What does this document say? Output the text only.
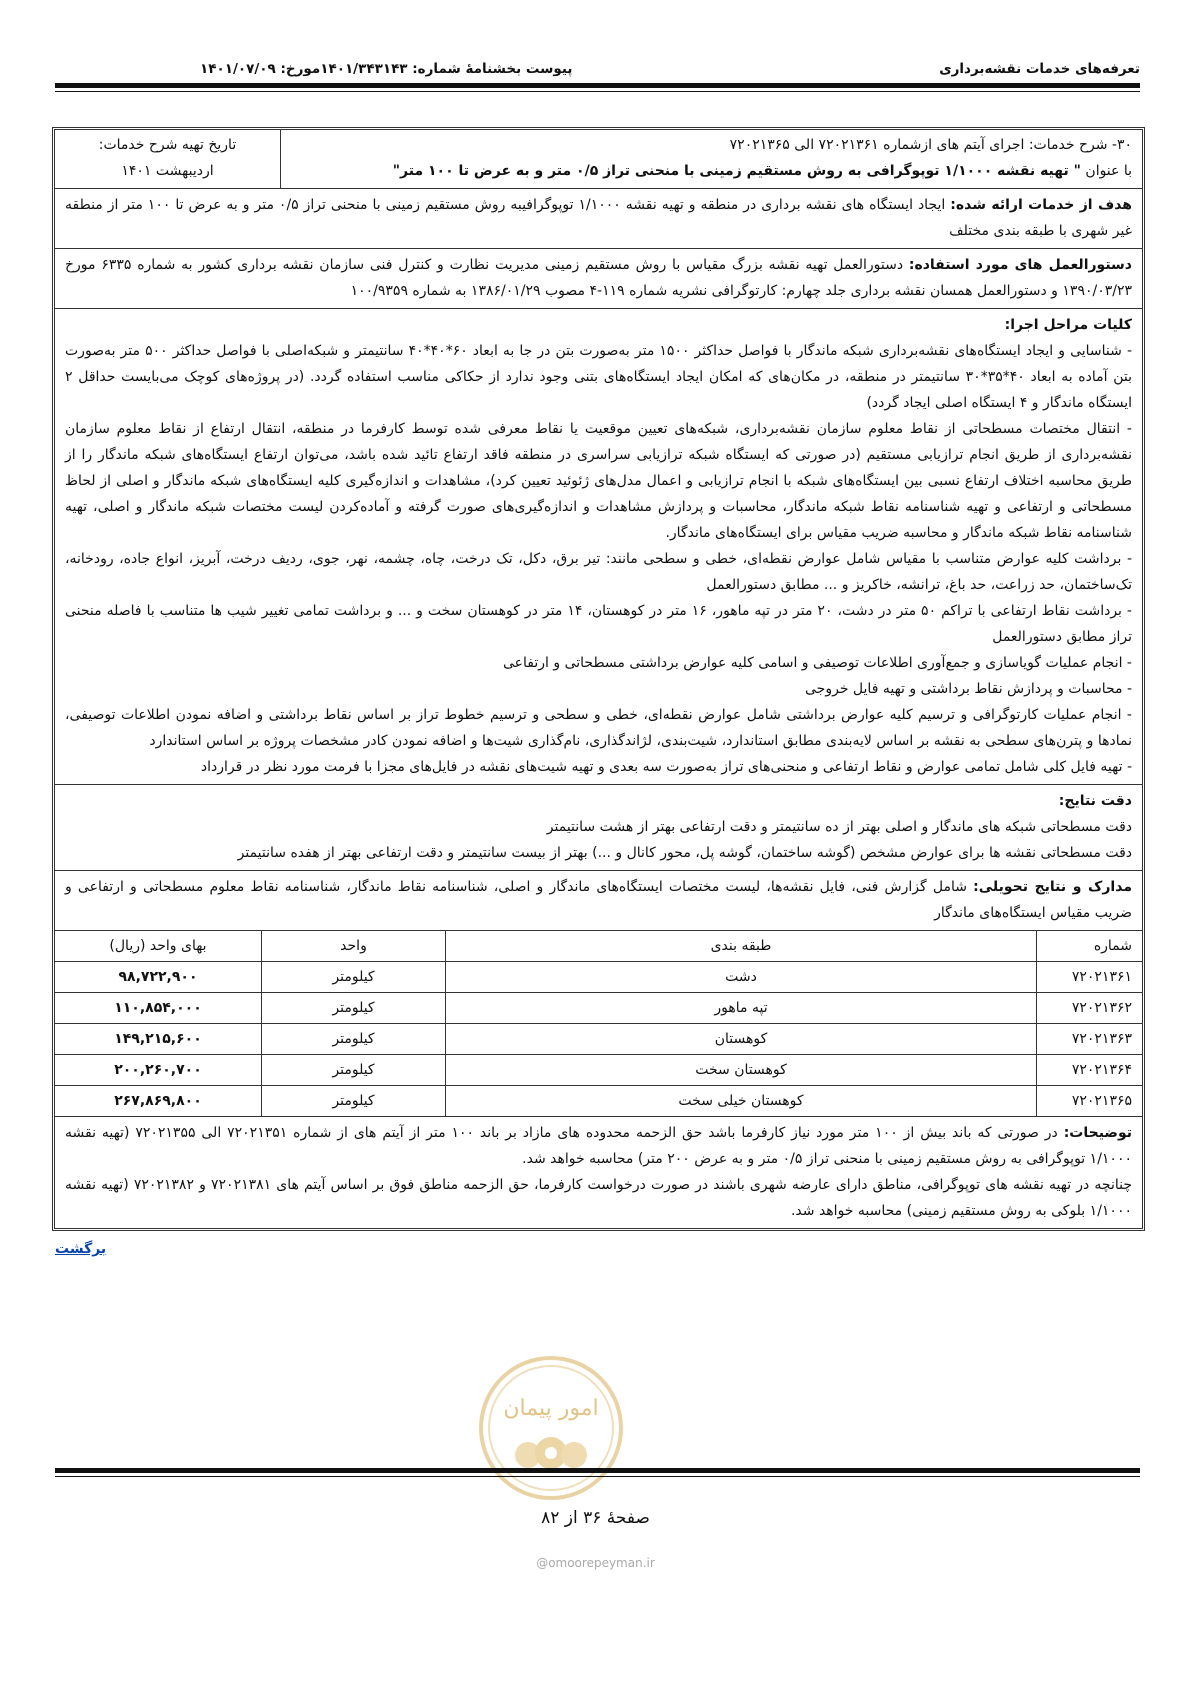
تعرفه‌های خدمات نقشه‌برداری
پیوست بخشنامۀ شماره: ۱۴۰۱/۳۴۳۱۴۳مورخ: ۱۴۰۱/۰۷/۰۹
۳۰- شرح خدمات: اجرای آیتم های ازشماره ۷۲۰۲۱۳۶۱ الی ۷۲۰۲۱۳۶۵
با عنوان " تهیه نقشه ۱/۱۰۰۰ توپوگرافی به روش مستقیم زمینی با منحنی تراز ۰/۵ متر و به عرض تا ۱۰۰ متر"
تاریخ تهیه شرح خدمات:
اردیبهشت ۱۴۰۱

هدف از خدمات ارائه شده: ایجاد ایستگاه های نقشه برداری در منطقه و تهیه نقشه ۱/۱۰۰۰ توپوگرافیبه روش مستقیم زمینی با منحنی تراز ۰/۵ متر و به عرض تا ۱۰۰ متر از منطقه غیر شهری با طبقه بندی مختلف

دستورالعمل های مورد استفاده: دستورالعمل تهیه نقشه بزرگ مقیاس با روش مستقیم زمینی مدیریت نظارت و کنترل فنی سازمان نقشه برداری کشور به شماره ۶۳۳۵ مورخ ۱۳۹۰/۰۳/۲۳ و دستورالعمل همسان نقشه برداری جلد چهارم: کارتوگرافی نشریه شماره ۱۱۹-۴ مصوب ۱۳۸۶/۰۱/۲۹ به شماره ۱۰۰/۹۳۵۹

کلیات مراحل اجرا:

- شناسایی و ایجاد ایستگاه‌های نقشه‌برداری شبکه ماندگار با فواصل حداکثر ۱۵۰۰ متر به‌صورت بتن در جا به ابعاد ۶۰*۴۰*۴۰ سانتیمتر و شبکه‌اصلی با فواصل حداکثر ۵۰۰ متر به‌صورت بتن آماده به ابعاد ۴۰*۳۵*۳۰ سانتیمتر در منطقه، در مکان‌های که امکان ایجاد ایستگاه‌های بتنی وجود ندارد از حکاکی مناسب استفاده گردد. (در پروژه‌های کوچک می‌بایست حداقل ۲ ایستگاه ماندگار و ۴ ایستگاه اصلی ایجاد گردد)

- انتقال مختصات مسطحاتی از نقاط معلوم سازمان نقشه‌برداری، شبکه‌های تعیین موقعیت یا نقاط معرفی شده توسط کارفرما در منطقه، انتقال ارتفاع از نقاط معلوم سازمان نقشه‌برداری از طریق انجام ترازیابی مستقیم (در صورتی که ایستگاه شبکه ترازیابی سراسری در منطقه فاقد ارتفاع تائید شده باشد، می‌توان ارتفاع ایستگاه‌های شبکه ماندگار را از طریق محاسبه اختلاف ارتفاع نسبی بین ایستگاه‌های شبکه با انجام ترازیابی و اعمال مدل‌های ژئوئید تعیین کرد)، مشاهدات و اندازه‌گیری کلیه ایستگاه‌های شبکه ماندگار و اصلی از لحاظ مسطحاتی و ارتفاعی و تهیه شناسنامه نقاط شبکه ماندگار، محاسبات و پردازش مشاهدات و اندازه‌گیری‌های صورت گرفته و آماده‌کردن لیست مختصات شبکه ماندگار و اصلی، تهیه شناسنامه نقاط شبکه ماندگار و محاسبه ضریب مقیاس برای ایستگاه‌های ماندگار.

- برداشت کلیه عوارض متناسب با مقیاس شامل عوارض نقطه‌ای، خطی و سطحی مانند: تیر برق، دکل، تک درخت، چاه، چشمه، نهر، جوی، ردیف درخت، آبریز، انواع جاده، رودخانه، تک‌ساختمان، حد زراعت، حد باغ، ترانشه، خاکریز و ... مطابق دستورالعمل

- برداشت نقاط ارتفاعی با تراکم ۵۰ متر در دشت، ۲۰ متر در تپه ماهور، ۱۶ متر در کوهستان، ۱۴ متر در کوهستان سخت و ... و برداشت تمامی تغییر شیب ها متناسب با فاصله منحنی تراز مطابق دستورالعمل

- انجام عملیات گویاسازی و جمع‌آوری اطلاعات توصیفی و اسامی کلیه عوارض برداشتی مسطحاتی و ارتفاعی

- محاسبات و پردازش نقاط برداشتی و تهیه فایل خروجی

- انجام عملیات کارتوگرافی و ترسیم کلیه عوارض برداشتی شامل عوارض نقطه‌ای، خطی و سطحی و ترسیم خطوط تراز بر اساس نقاط برداشتی و اضافه نمودن اطلاعات توصیفی، نمادها و پترن‌های سطحی به نقشه بر اساس لایه‌بندی مطابق استاندارد، شیت‌بندی، لژاندگذاری، نام‌گذاری شیت‌ها و اضافه نمودن کادر مشخصات پروژه بر اساس استاندارد

- تهیه فایل کلی شامل تمامی عوارض و نقاط ارتفاعی و منحنی‌های تراز به‌صورت سه بعدی و تهیه شیت‌های نقشه در فایل‌های مجزا با فرمت مورد نظر در قرارداد

دقت نتایج:

دقت مسطحاتی شبکه های ماندگار و اصلی بهتر از ده سانتیمتر و دقت ارتفاعی بهتر از هشت سانتیمتر

دقت مسطحاتی نقشه ها برای عوارض مشخص (گوشه ساختمان، گوشه پل، محور کانال و ...) بهتر از بیست سانتیمتر و دقت ارتفاعی بهتر از هفده سانتیمتر

مدارک و نتایج تحویلی: شامل گزارش فنی، فایل نقشه‌ها، لیست مختصات ایستگاه‌های ماندگار و اصلی، شناسنامه نقاط ماندگار، شناسنامه نقاط معلوم مسطحاتی و ارتفاعی و ضریب مقیاس ایستگاه‌های ماندگار

شماره	طبقه بندی	واحد	بهای واحد (ریال)
۷۲۰۲۱۳۶۱	دشت	کیلومتر	۹۸,۷۲۲,۹۰۰
۷۲۰۲۱۳۶۲	تپه ماهور	کیلومتر	۱۱۰,۸۵۴,۰۰۰
۷۲۰۲۱۳۶۳	کوهستان	کیلومتر	۱۴۹,۲۱۵,۶۰۰
۷۲۰۲۱۳۶۴	کوهستان سخت	کیلومتر	۲۰۰,۲۶۰,۷۰۰
۷۲۰۲۱۳۶۵	کوهستان خیلی سخت	کیلومتر	۲۶۷,۸۶۹,۸۰۰

توضیحات: در صورتی که باند بیش از ۱۰۰ متر مورد نیاز کارفرما باشد حق الزحمه محدوده های مازاد بر باند ۱۰۰ متر از آیتم های از شماره ۷۲۰۲۱۳۵۱ الی ۷۲۰۲۱۳۵۵ (تهیه نقشه ۱/۱۰۰۰ توپوگرافی به روش مستقیم زمینی با منحنی تراز ۰/۵ متر و به عرض ۲۰۰ متر) محاسبه خواهد شد.

چنانچه در تهیه نقشه های توپوگرافی، مناطق دارای عارضه شهری باشند در صورت درخواست کارفرما، حق الزحمه مناطق فوق بر اساس آیتم های ۷۲۰۲۱۳۸۱ و ۷۲۰۲۱۳۸۲ (تهیه نقشه ۱/۱۰۰۰ بلوکی به روش مستقیم زمینی) محاسبه خواهد شد.

برگشت
امور پیمان
صفحۀ ۳۶ از ۸۲
@omoorepeyman.ir
